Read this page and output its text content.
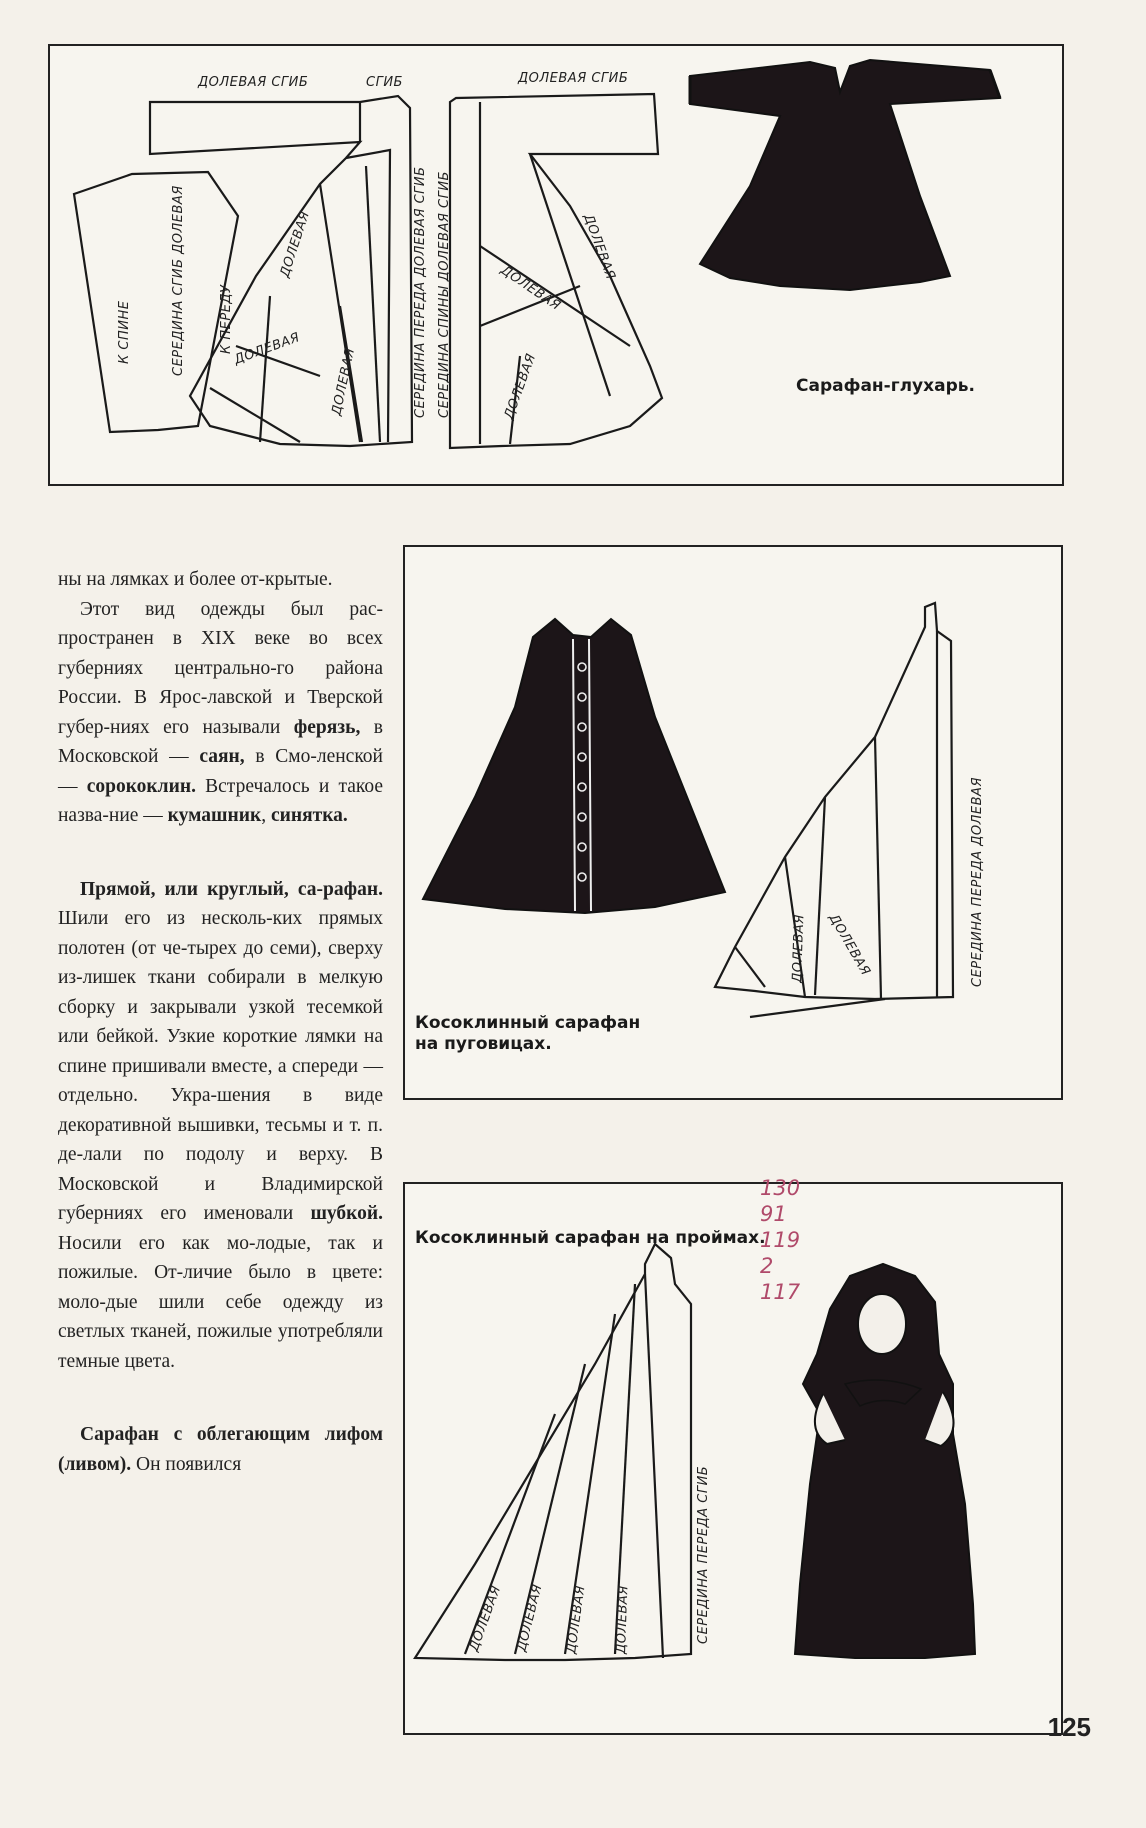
ДОЛЕВАЯ СГИБ	СГИБ	ДОЛЕВАЯ СГИБ
СЕРЕДИНА СГИБ ДОЛЕВАЯ
К СПИНЕ	К ПЕРЕДУ	СЕРЕДИНА ПЕРЕДА ДОЛЕВАЯ СГИБ СЕРЕДИНА СПИНЫ ДОЛЕВАЯ СГИБ
ДОЛЕВАЯ
ДОЛЕВАЯ ДОЛЕВАЯ
ДОЛЕВАЯ
ДОЛЕВАЯ
ДОЛЕВАЯ	Сарафан-глухарь.

ны на лямках и более от-крытые.

Этот вид одежды был рас-пространен в XIX веке во всех губерниях центрально-го района России. В Ярос-лавской и Тверской губер-ниях его называли ферязь, в Московской — саян, в Смо-ленской — сорококлин. Встречалось и такое назва-ние — кумашник, синятка.

Прямой, или круглый, са-рафан. Шили его из несколь-ких прямых полотен (от че-тырех до семи), сверху из-лишек ткани собирали в мелкую сборку и закрывали узкой тесемкой или бейкой. Узкие короткие лямки на спине пришивали вместе, а спереди — отдельно. Укра-шения в виде декоративной вышивки, тесьмы и т. п. де-лали по подолу и верху. В Московской и Владимирской губерниях его именовали шубкой. Носили его как мо-лодые, так и пожилые. От-личие было в цвете: моло-дые шили себе одежду из светлых тканей, пожилые употребляли темные цвета.

Сарафан с облегающим лифом (ливом). Он появился

СЕРЕДИНА ПЕРЕДА ДОЛЕВАЯ
ДОЛЕВАЯ
ДОЛЕВАЯ
Косоклинный сарафан
на пуговицах.
Косоклинный сарафан на проймах.
СЕРЕДИНА ПЕРЕДА СГИБ
ДОЛЕВАЯ ДОЛЕВАЯ ДОЛЕВАЯ ДОЛЕВАЯ
130
91
119
2
117
125
